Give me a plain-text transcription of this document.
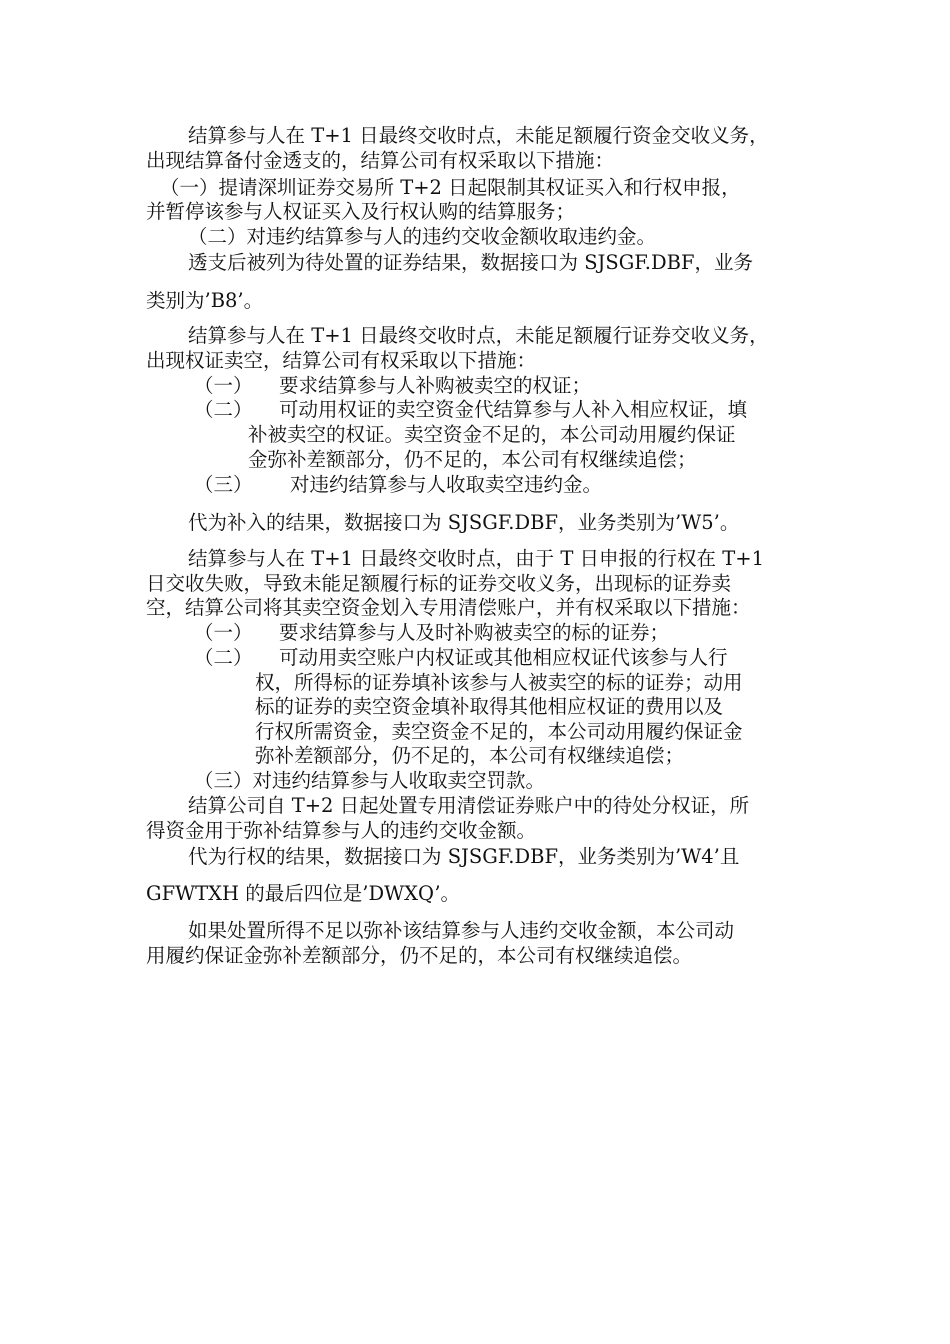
结算参与人在 T+1 日最终交收时点，未能足额履行资金交收义务，
出现结算备付金透支的，结算公司有权采取以下措施：
（一）提请深圳证券交易所 T+2 日起限制其权证买入和行权申报，
并暂停该参与人权证买入及行权认购的结算服务；
（二）对违约结算参与人的违约交收金额收取违约金。
透支后被列为待处置的证券结果，数据接口为 SJSGF.DBF，业务
类别为’B8’。
结算参与人在 T+1 日最终交收时点，未能足额履行证券交收义务，
出现权证卖空，结算公司有权采取以下措施：
（一） 要求结算参与人补购被卖空的权证；
（二） 可动用权证的卖空资金代结算参与人补入相应权证，填
补被卖空的权证。卖空资金不足的，本公司动用履约保证
金弥补差额部分，仍不足的，本公司有权继续追偿；
（三） 对违约结算参与人收取卖空违约金。
代为补入的结果，数据接口为 SJSGF.DBF，业务类别为’W5’。
结算参与人在 T+1 日最终交收时点，由于 T 日申报的行权在 T+1
日交收失败，导致未能足额履行标的证券交收义务，出现标的证券卖
空，结算公司将其卖空资金划入专用清偿账户，并有权采取以下措施：
（一） 要求结算参与人及时补购被卖空的标的证券；
（二） 可动用卖空账户内权证或其他相应权证代该参与人行
权，所得标的证券填补该参与人被卖空的标的证券；动用
标的证券的卖空资金填补取得其他相应权证的费用以及
行权所需资金，卖空资金不足的，本公司动用履约保证金
弥补差额部分，仍不足的，本公司有权继续追偿；
（三）对违约结算参与人收取卖空罚款。
结算公司自 T+2 日起处置专用清偿证券账户中的待处分权证，所
得资金用于弥补结算参与人的违约交收金额。
代为行权的结果，数据接口为 SJSGF.DBF，业务类别为’W4’且
GFWTXH 的最后四位是’DWXQ’。
如果处置所得不足以弥补该结算参与人违约交收金额，本公司动
用履约保证金弥补差额部分，仍不足的，本公司有权继续追偿。
